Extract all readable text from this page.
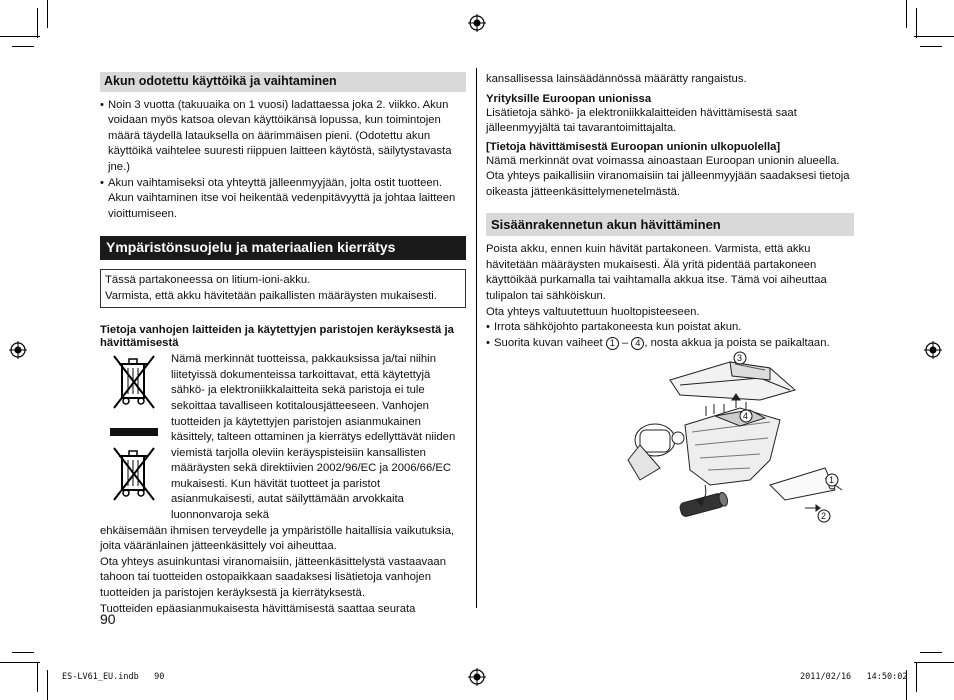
Akun odotettu käyttöikä ja vaihtaminen

• Noin 3 vuotta (takuuaika on 1 vuosi) ladattaessa joka 2. viikko. Akun voidaan myös katsoa olevan käyttöikänsä lopussa, kun toimintojen määrä täydellä latauksella on äärimmäisen pieni. (Odotettu akun käyttöikä vaihtelee suuresti riippuen laitteen käytöstä, säilytystavasta jne.)

• Akun vaihtamiseksi ota yhteyttä jälleenmyyjään, jolta ostit tuotteen. Akun vaihtaminen itse voi heikentää vedenpitävyyttä ja johtaa laitteen vioittumiseen.

Ympäristönsuojelu ja materiaalien kierrätys

Tässä partakoneessa on litium-ioni-akku.

Varmista, että akku hävitetään paikallisten määräysten mukaisesti.

Tietoja vanhojen laitteiden ja käytettyjen paristojen keräyksestä ja hävittämisestä

Nämä merkinnät tuotteissa, pakkauksissa ja/tai niihin liitetyissä dokumenteissa tarkoittavat, että käytettyjä sähkö- ja elektroniikkalaitteita sekä paristoja ei tule sekoittaa tavalliseen kotitalousjätteeseen. Vanhojen tuotteiden ja käytettyjen paristojen asianmukainen käsittely, talteen ottaminen ja kierrätys edellyttävät niiden viemistä tarjolla oleviin keräyspisteisiin kansallisten määräysten sekä direktiivien 2002/96/EC ja 2006/66/EC mukaisesti. Kun hävität tuotteet ja paristot asianmukaisesti, autat säilyttämään arvokkaita luonnonvaroja sekä

ehkäisemään ihmisen terveydelle ja ympäristölle haitallisia vaikutuksia, joita vääränlainen jätteenkäsittely voi aiheuttaa.

Ota yhteys asuinkuntasi viranomaisiin, jätteenkäsittelystä vastaavaan tahoon tai tuotteiden ostopaikkaan saadaksesi lisätietoja vanhojen tuotteiden ja paristojen keräyksestä ja kierrätyksestä.

Tuotteiden epäasianmukaisesta hävittämisestä saattaa seurata

90

kansallisessa lainsäädännössä määrätty rangaistus.

Yrityksille Euroopan unionissa

Lisätietoja sähkö- ja elektroniikkalaitteiden hävittämisestä saat jälleenmyyjältä tai tavarantoimittajalta.

[Tietoja hävittämisestä Euroopan unionin ulkopuolella]

Nämä merkinnät ovat voimassa ainoastaan Euroopan unionin alueella. Ota yhteys paikallisiin viranomaisiin tai jälleenmyyjään saadaksesi tietoja oikeasta jätteenkäsittelymenetelmästä.

Sisäänrakennetun akun hävittäminen

Poista akku, ennen kuin hävität partakoneen. Varmista, että akku hävitetään määräysten mukaisesti. Älä yritä pidentää partakoneen käyttöikää purkamalla tai vaihtamalla akkua itse. Tämä voi aiheuttaa tulipalon tai sähköiskun.

Ota yhteys valtuutettuun huoltopisteeseen.

• Irrota sähköjohto partakoneesta kun poistat akun.

• Suorita kuvan vaiheet 1 – 4 , nosta akkua ja poista se paikaltaan.

3
4
1
2
ES-LV61_EU.indb 90	2011/02/16 14:50:02
